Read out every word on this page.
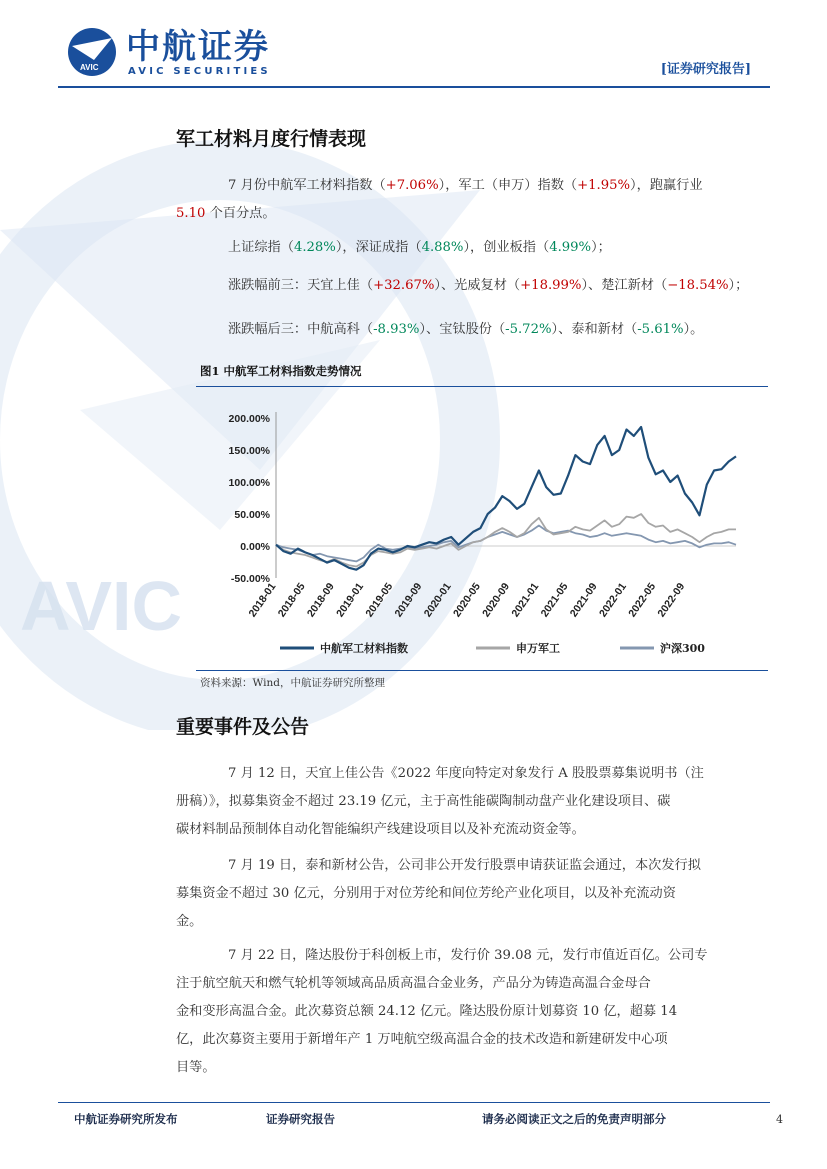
AVIC
AVIC
中航证券
AVIC SECURITIES	[证券研究报告]
军工材料月度行情表现
7 月份中航军工材料指数（+7.06%），军工（申万）指数（+1.95%），跑赢行业
5.10 个百分点。
上证综指（4.28%），深证成指（4.88%），创业板指（4.99%）；
涨跌幅前三：天宜上佳（+32.67%）、光威复材（+18.99%）、楚江新材（−18.54%）；
涨跌幅后三：中航高科（-8.93%）、宝钛股份（-5.72%）、泰和新材（-5.61%）。
图1 中航军工材料指数走势情况
-50.00%
0.00%
50.00%
100.00%
150.00%
200.00%
2018-01
2018-05
2018-09
2019-01
2019-05
2019-09
2020-01
2020-05
2020-09
2021-01
2021-05
2021-09
2022-01
2022-05
2022-09
中航军工材料指数	申万军工	沪深300
资料来源：Wind，中航证券研究所整理
重要事件及公告
7 月 12 日，天宜上佳公告《2022 年度向特定对象发行 A 股股票募集说明书（注
册稿）》，拟募集资金不超过 23.19 亿元，主于高性能碳陶制动盘产业化建设项目、碳
碳材料制品预制体自动化智能编织产线建设项目以及补充流动资金等。
7 月 19 日，泰和新材公告，公司非公开发行股票申请获证监会通过，本次发行拟
募集资金不超过 30 亿元，分别用于对位芳纶和间位芳纶产业化项目，以及补充流动资
金。
7 月 22 日，隆达股份于科创板上市，发行价 39.08 元，发行市值近百亿。公司专
注于航空航天和燃气轮机等领域高品质高温合金业务，产品分为铸造高温合金母合
金和变形高温合金。此次募资总额 24.12 亿元。隆达股份原计划募资 10 亿，超募 14
亿，此次募资主要用于新增年产 1 万吨航空级高温合金的技术改造和新建研发中心项
目等。
中航证券研究所发布	证券研究报告	请务必阅读正文之后的免责声明部分	4
